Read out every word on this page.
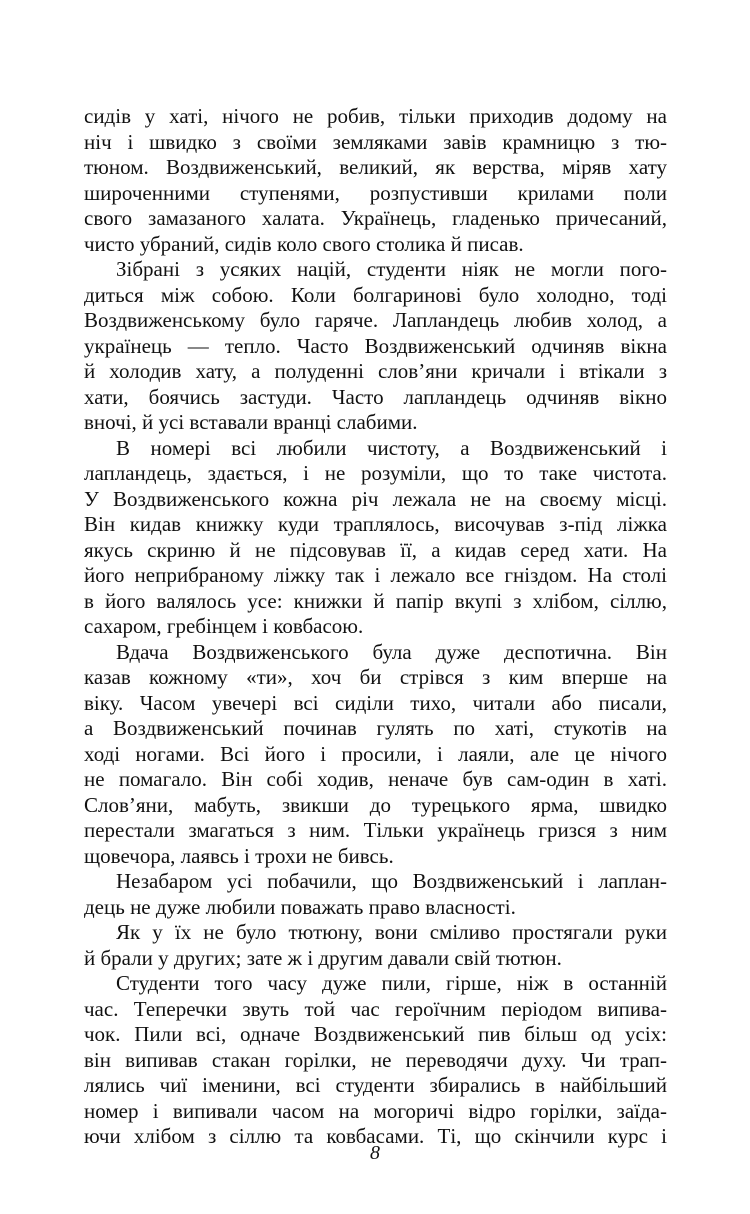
сидів у хаті, нічого не робив, тільки приходив додому на
ніч і швидко з своїми земляками завів крамницю з тю-
тюном. Воздвиженський, великий, як верства, міряв хату
широченними ступенями, розпустивши крилами поли
свого замазаного халата. Українець, гладенько причесаний,
чисто убраний, сидів коло свого столика й писав.
Зібрані з усяких націй, студенти ніяк не могли пого-
диться між собою. Коли болгаринові було холодно, тоді
Воздвиженському було гаряче. Лапландець любив холод, а
українець — тепло. Часто Воздвиженський одчиняв вікна
й холодив хату, а полуденні слов’яни кричали і втікали з
хати, боячись застуди. Часто лапландець одчиняв вікно
вночі, й усі вставали вранці слабими.
В номері всі любили чистоту, а Воздвиженський і
лапландець, здається, і не розуміли, що то таке чистота.
У Воздвиженського кожна річ лежала не на своєму місці.
Він кидав книжку куди траплялось, височував з-під ліжка
якусь скриню й не підсовував її, а кидав серед хати. На
його неприбраному ліжку так і лежало все гніздом. На столі
в його валялось усе: книжки й папір вкупі з хлібом, сіллю,
сахаром, гребінцем і ковбасою.
Вдача Воздвиженського була дуже деспотична. Він
казав кожному «ти», хоч би стрівся з ким вперше на
віку. Часом увечері всі сиділи тихо, читали або писали,
а Воздвиженський починав гулять по хаті, стукотів на
ході ногами. Всі його і просили, і лаяли, але це нічого
не помагало. Він собі ходив, неначе був сам-один в хаті.
Слов’яни, мабуть, звикши до турецького ярма, швидко
перестали змагаться з ним. Тільки українець гризся з ним
щовечора, лаявсь і трохи не бивсь.
Незабаром усі побачили, що Воздвиженський і лаплан-
дець не дуже любили поважать право власності.
Як у їх не було тютюну, вони сміливо простягали руки
й брали у других; зате ж і другим давали свій тютюн.
Студенти того часу дуже пили, гірше, ніж в останній
час. Теперечки звуть той час героїчним періодом випива-
чок. Пили всі, одначе Воздвиженський пив більш од усіх:
він випивав стакан горілки, не переводячи духу. Чи трап-
лялись чиї іменини, всі студенти збирались в найбільший
номер і випивали часом на могоричі відро горілки, заїда-
ючи хлібом з сіллю та ковбасами. Ті, що скінчили курс і
8
